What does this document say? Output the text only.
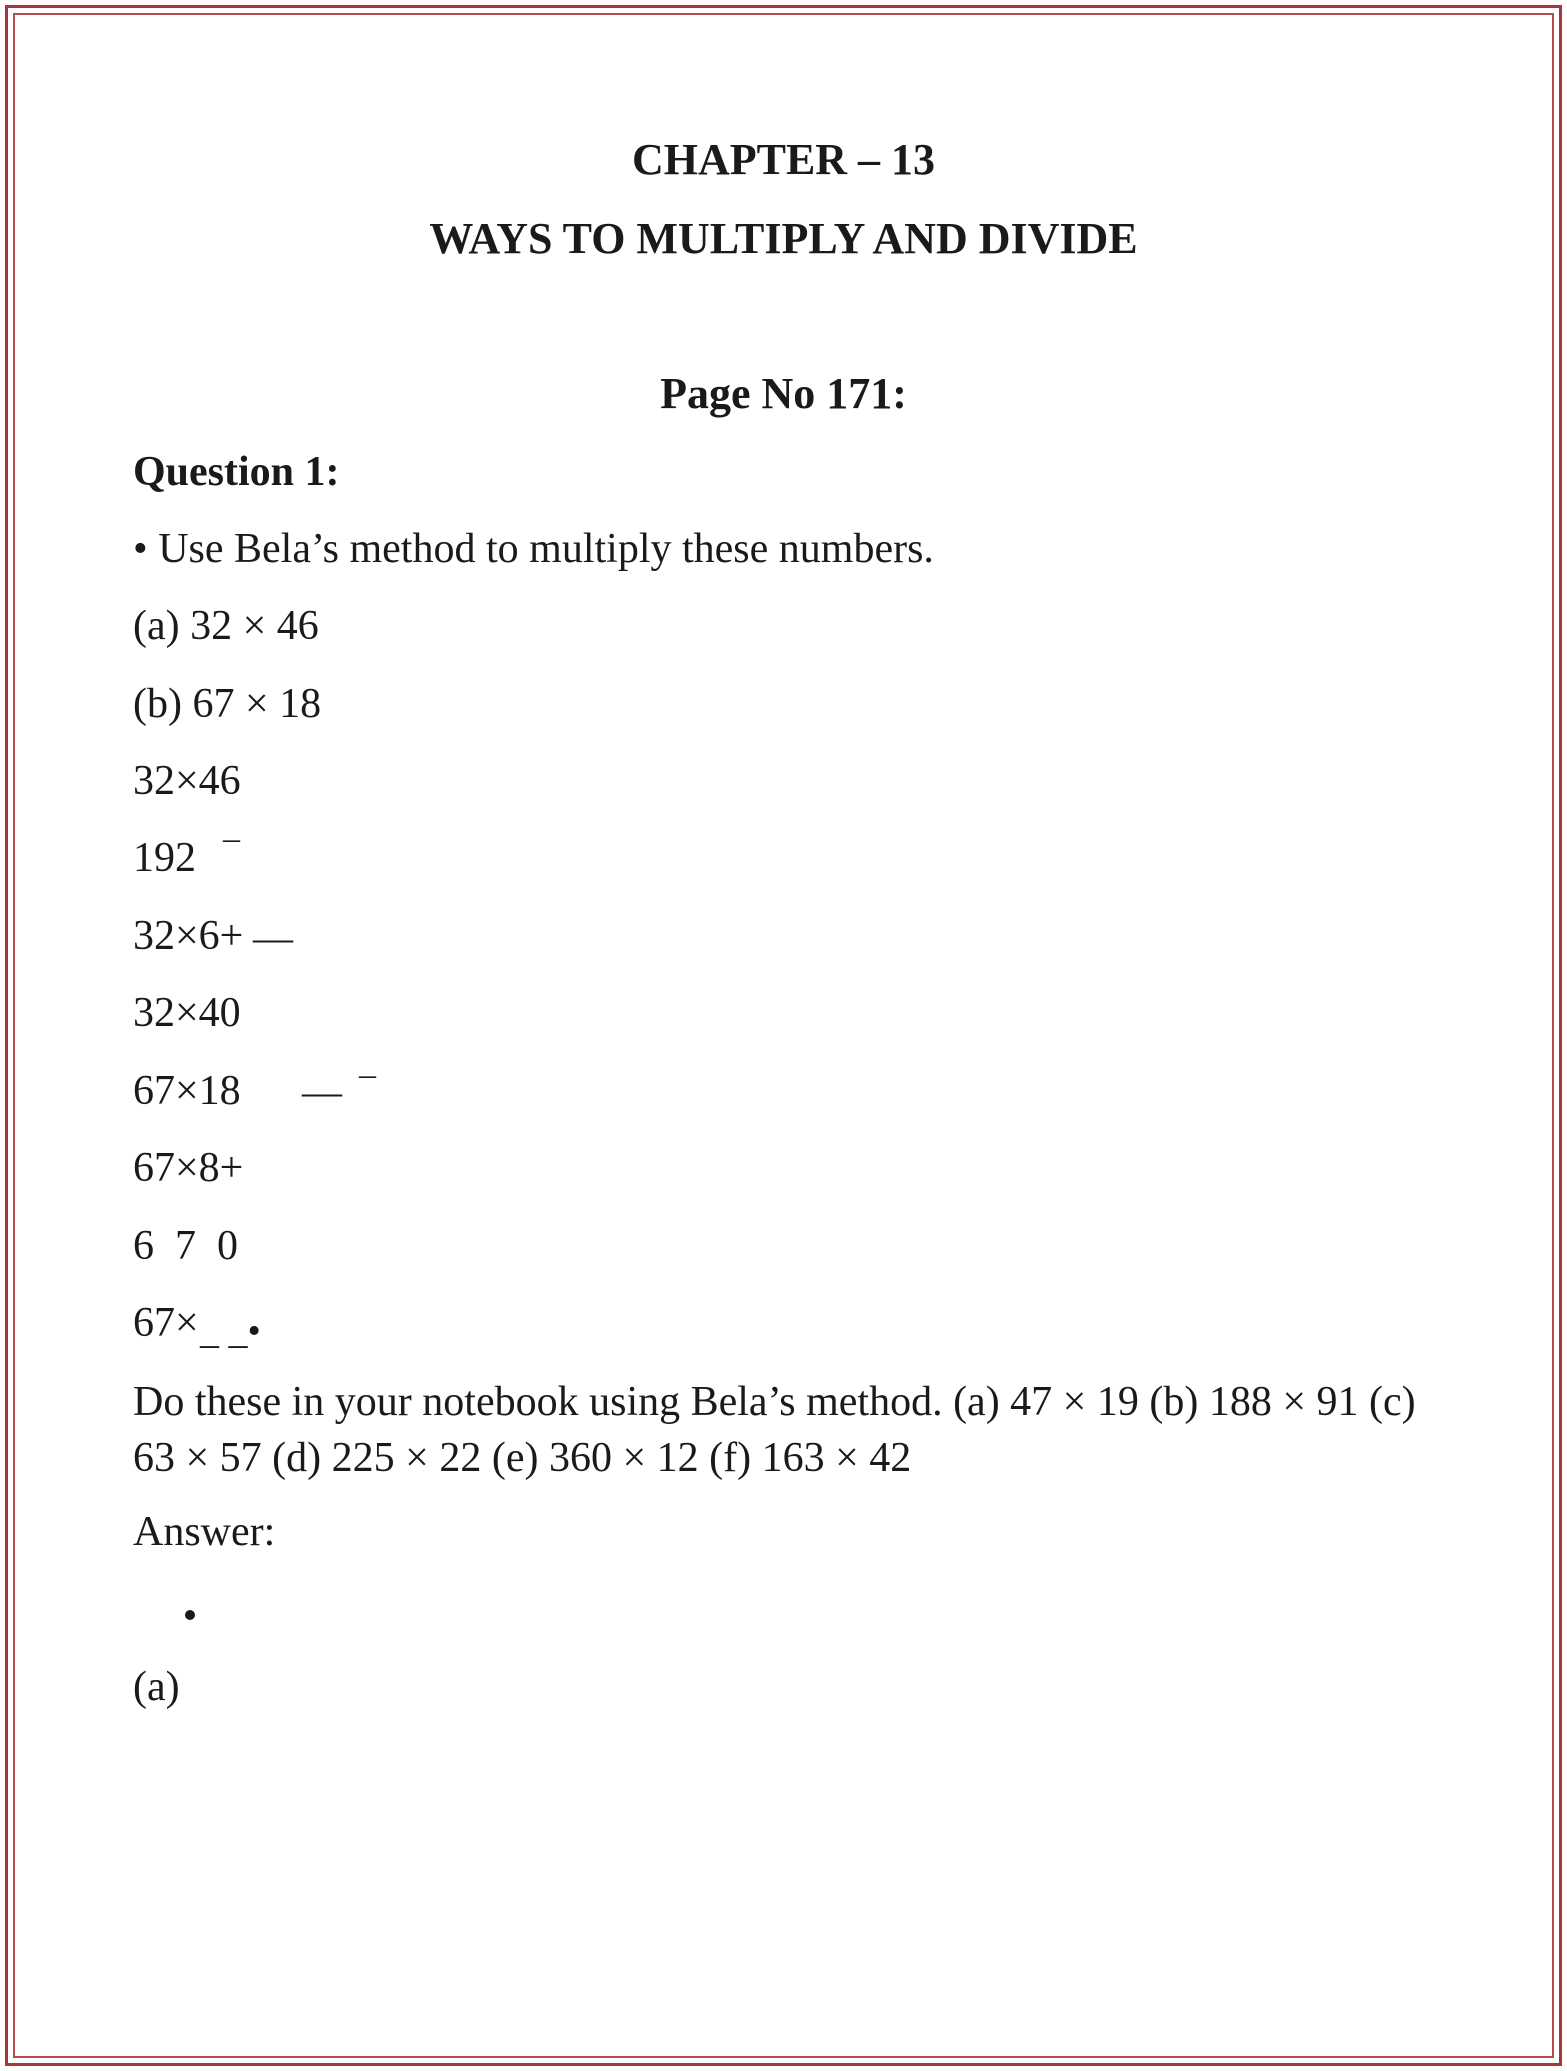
CHAPTER – 13
WAYS TO MULTIPLY AND DIVIDE
Page No 171:
Question 1:
• Use Bela’s method to multiply these numbers.
(a) 32 × 46
(b) 67 × 18
32×46
192 –
32×6+ —
32×40
67×18 — –
67×8+
6  7  0
67× _ _•
Do these in your notebook using Bela’s method. (a) 47 × 19 (b) 188 × 91 (c) 63 × 57 (d) 225 × 22 (e) 360 × 12 (f) 163 × 42
Answer:
(a)
